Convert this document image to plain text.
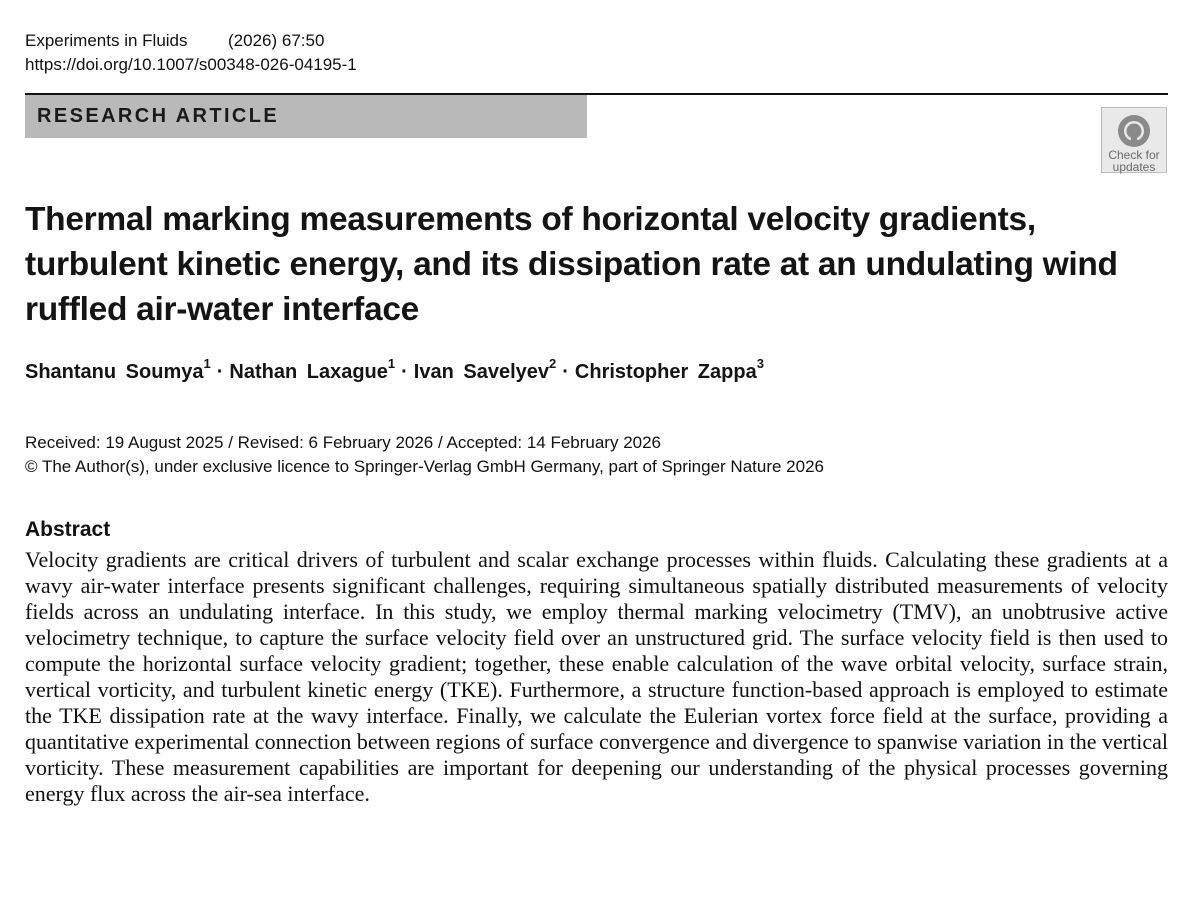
Experiments in Fluids (2026) 67:50
https://doi.org/10.1007/s00348-026-04195-1
RESEARCH ARTICLE
Check for
updates
Thermal marking measurements of horizontal velocity gradients, turbulent kinetic energy, and its dissipation rate at an undulating wind ruffled air-water interface
Shantanu Soumya$^1$ · Nathan Laxague$^1$ · Ivan Savelyev$^2$ · Christopher Zappa$^3$
Received: 19 August 2025 / Revised: 6 February 2026 / Accepted: 14 February 2026
© The Author(s), under exclusive licence to Springer-Verlag GmbH Germany, part of Springer Nature 2026
Abstract

Velocity gradients are critical drivers of turbulent and scalar exchange processes within fluids. Calculating these gradients at a wavy air-water interface presents significant challenges, requiring simultaneous spatially distributed measurements of velocity fields across an undulating interface. In this study, we employ thermal marking velocimetry (TMV), an unobtrusive active velocimetry technique, to capture the surface velocity field over an unstructured grid. The surface velocity field is then used to compute the horizontal surface velocity gradient; together, these enable calculation of the wave orbital velocity, surface strain, vertical vorticity, and turbulent kinetic energy (TKE). Furthermore, a structure function-based approach is employed to estimate the TKE dissipation rate at the wavy interface. Finally, we calculate the Eulerian vortex force field at the surface, providing a quantitative experimental connection between regions of surface convergence and divergence to spanwise variation in the vertical vorticity. These measurement capabilities are important for deepening our understanding of the physical processes governing energy flux across the air-sea interface.
